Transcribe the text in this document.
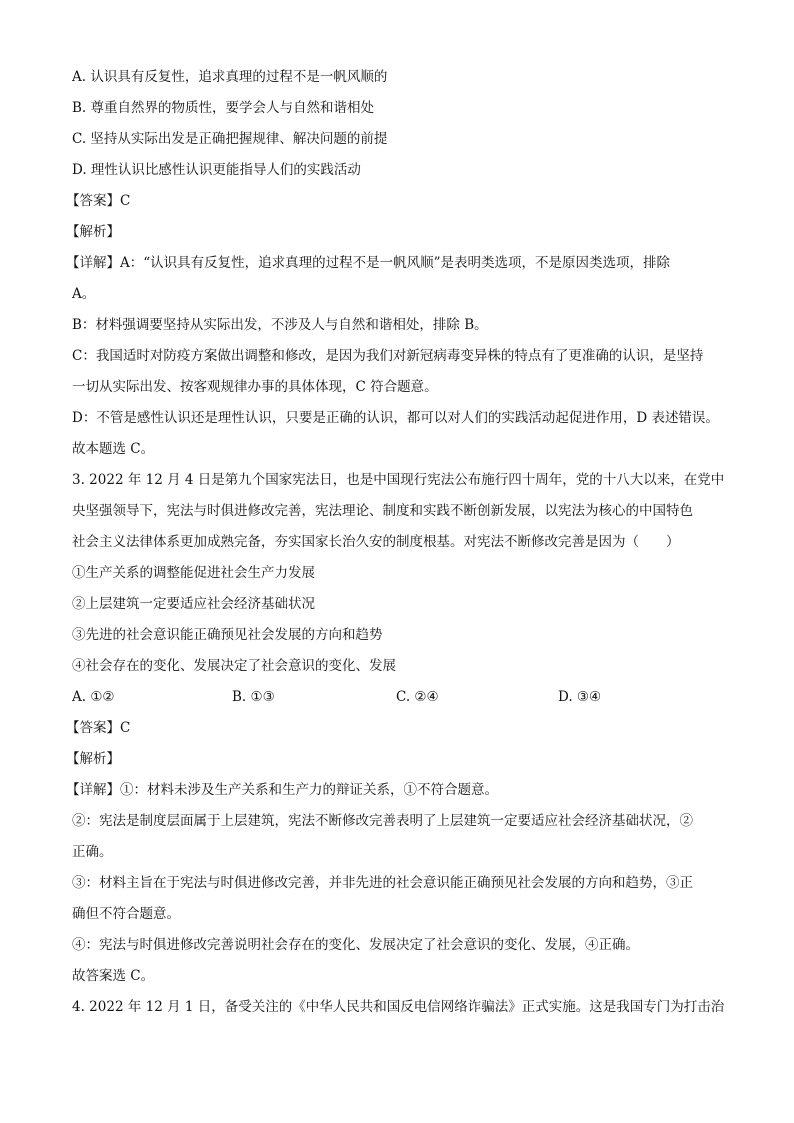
A. 认识具有反复性，追求真理的过程不是一帆风顺的
B. 尊重自然界的物质性，要学会人与自然和谐相处
C. 坚持从实际出发是正确把握规律、解决问题的前提
D. 理性认识比感性认识更能指导人们的实践活动
【答案】C
【解析】
【详解】A：“认识具有反复性，追求真理的过程不是一帆风顺”是表明类选项，不是原因类选项，排除
A。
B：材料强调要坚持从实际出发，不涉及人与自然和谐相处，排除 B。
C：我国适时对防疫方案做出调整和修改，是因为我们对新冠病毒变异株的特点有了更准确的认识，是坚持
一切从实际出发、按客观规律办事的具体体现，C 符合题意。
D：不管是感性认识还是理性认识，只要是正确的认识，都可以对人们的实践活动起促进作用，D 表述错误。
故本题选 C。
3. 2022 年 12 月 4 日是第九个国家宪法日，也是中国现行宪法公布施行四十周年，党的十八大以来，在党中
央坚强领导下，宪法与时俱进修改完善，宪法理论、制度和实践不断创新发展，以宪法为核心的中国特色
社会主义法律体系更加成熟完备，夯实国家长治久安的制度根基。对宪法不断修改完善是因为（　　）
①生产关系的调整能促进社会生产力发展
②上层建筑一定要适应社会经济基础状况
③先进的社会意识能正确预见社会发展的方向和趋势
④社会存在的变化、发展决定了社会意识的变化、发展
A. ①②	B. ①③	C. ②④	D. ③④
【答案】C
【解析】
【详解】①：材料未涉及生产关系和生产力的辩证关系，①不符合题意。
②：宪法是制度层面属于上层建筑，宪法不断修改完善表明了上层建筑一定要适应社会经济基础状况，②
正确。
③：材料主旨在于宪法与时俱进修改完善，并非先进的社会意识能正确预见社会发展的方向和趋势，③正
确但不符合题意。
④：宪法与时俱进修改完善说明社会存在的变化、发展决定了社会意识的变化、发展，④正确。
故答案选 C。
4. 2022 年 12 月 1 日，备受关注的《中华人民共和国反电信网络诈骗法》正式实施。这是我国专门为打击治
